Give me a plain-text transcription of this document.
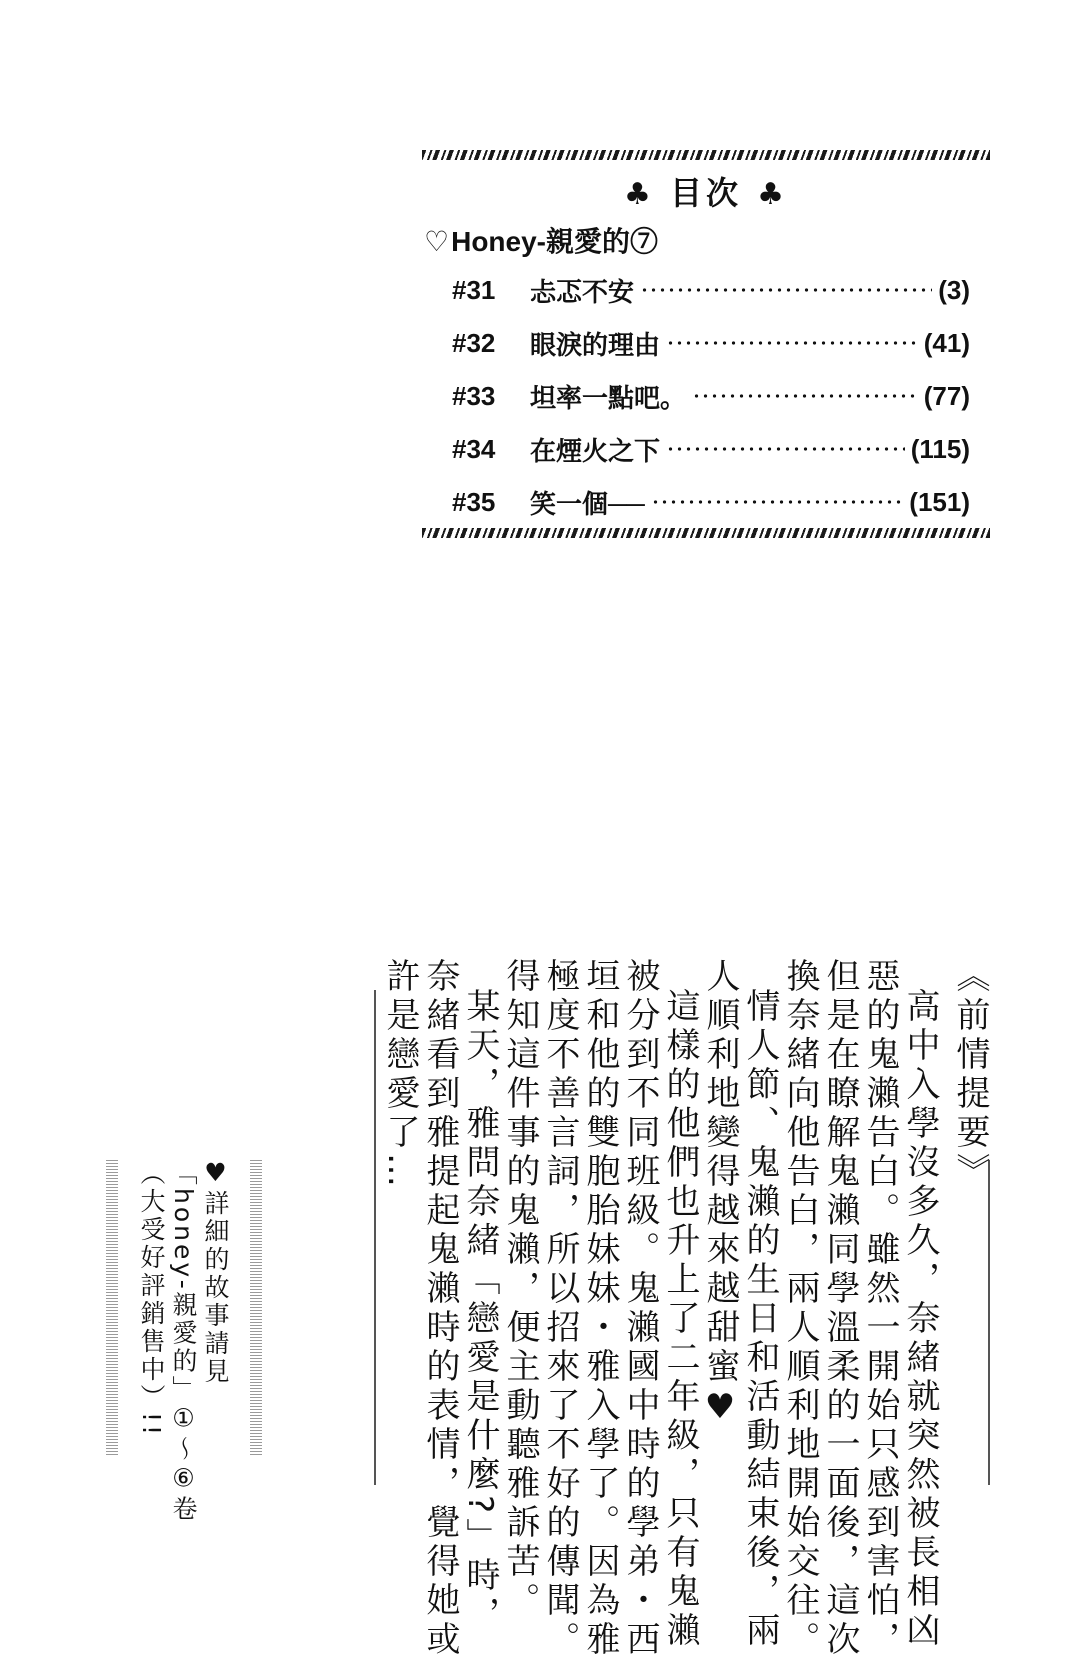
♣ 目次 ♣
♡Honey-親愛的⑦
#31	忐忑不安	(3)
#32	眼淚的理由	(41)
#33	坦率一點吧。	(77)
#34	在煙火之下	(115)
#35	笑一個──	(151)
《前情提要》
高中入學沒多久，奈緒就突然被長相凶
惡的鬼瀨告白。雖然一開始只感到害怕，
但是在瞭解鬼瀨同學溫柔的一面後，這次
換奈緒向他告白，兩人順利地開始交往。
情人節、鬼瀨的生日和活動結束後，兩
人順利地變得越來越甜蜜♥
這樣的他們也升上了二年級，只有鬼瀨
被分到不同班級。鬼瀨國中時的學弟・西
垣和他的雙胞胎妹妹・雅入學了。因為雅
極度不善言詞，所以招來了不好的傳聞。
得知這件事的鬼瀨，便主動聽雅訴苦。
某天，雅問奈緒「戀愛是什麼?」時，
奈緒看到雅提起鬼瀨時的表情，覺得她或
許是戀愛了…
♥詳細的故事請見
「honey-親愛的」①～⑥卷
（大受好評銷售中）!!
